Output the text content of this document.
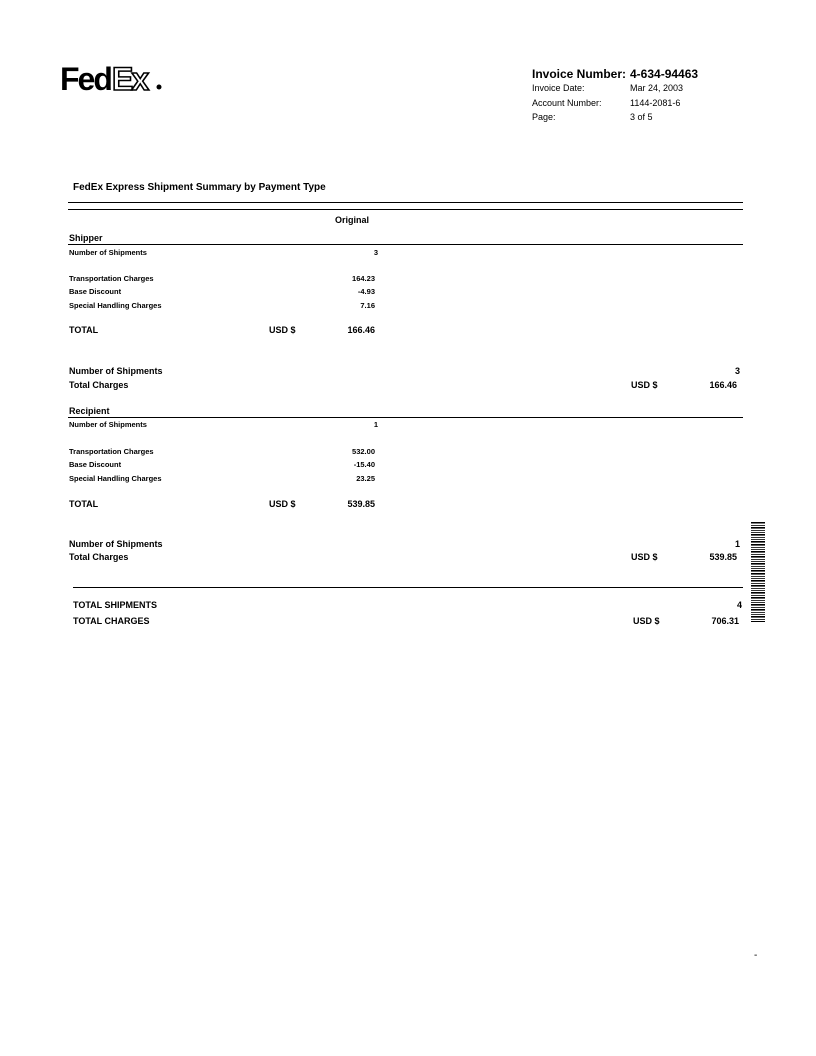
Fed Ex	Invoice Number: 4-634-94463
Invoice Date:	Mar 24, 2003
Account Number:	1144-2081-6
Page:	3 of 5
FedEx Express Shipment Summary by Payment Type
Original
Shipper
Number of Shipments	3
Transportation Charges	164.23
Base Discount	-4.93
Special Handling Charges	7.16
TOTAL	USD $	166.46
Number of Shipments	3
Total Charges	USD $	166.46
Recipient
Number of Shipments	1
Transportation Charges	532.00
Base Discount	-15.40
Special Handling Charges	23.25
TOTAL	USD $	539.85
Number of Shipments	1
Total Charges	USD $	539.85
TOTAL SHIPMENTS	4
TOTAL CHARGES	USD $	706.31
-
